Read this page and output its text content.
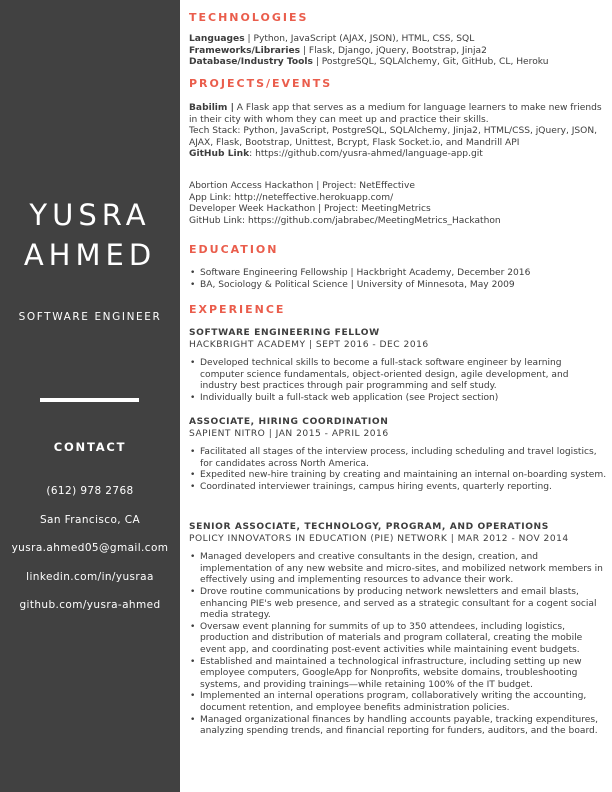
YUSRA
AHMED
SOFTWARE ENGINEER
CONTACT
(612) 978 2768
San Francisco, CA
yusra.ahmed05@gmail.com
linkedin.com/in/yusraa
github.com/yusra-ahmed
TECHNOLOGIES

Languages | Python, JavaScript (AJAX, JSON), HTML, CSS, SQL

Frameworks/Libraries | Flask, Django, jQuery, Bootstrap, Jinja2

Database/Industry Tools | PostgreSQL, SQLAlchemy, Git, GitHub, CL, Heroku

PROJECTS/EVENTS

Babilim | A Flask app that serves as a medium for language learners to make new friends in their city with whom they can meet up and practice their skills.

Tech Stack: Python, JavaScript, PostgreSQL, SQLAlchemy, Jinja2, HTML/CSS, jQuery, JSON, AJAX, Flask, Bootstrap, Unittest, Bcrypt, Flask Socket.io, and Mandrill API

GitHub Link: https://github.com/yusra-ahmed/language-app.git

Abortion Access Hackathon | Project: NetEffective

App Link: http://neteffective.herokuapp.com/

Developer Week Hackathon | Project: MeetingMetrics

GitHub Link: https://github.com/jabrabec/MeetingMetrics_Hackathon

EDUCATION
• Software Engineering Fellowship | Hackbright Academy, December 2016
• BA, Sociology & Political Science | University of Minnesota, May 2009
EXPERIENCE

SOFTWARE ENGINEERING FELLOW

HACKBRIGHT ACADEMY | SEPT 2016 - DEC 2016

• Developed technical skills to become a full-stack software engineer by learning computer science fundamentals, object-oriented design, agile development, and industry best practices through pair programming and self study.
• Individually built a full-stack web application (see Project section)

ASSOCIATE, HIRING COORDINATION

SAPIENT NITRO | JAN 2015 - APRIL 2016

• Facilitated all stages of the interview process, including scheduling and travel logistics, for candidates across North America.
• Expedited new-hire training by creating and maintaining an internal on-boarding system.
• Coordinated interviewer trainings, campus hiring events, quarterly reporting.

SENIOR ASSOCIATE, TECHNOLOGY, PROGRAM, AND OPERATIONS

POLICY INNOVATORS IN EDUCATION (PIE) NETWORK | MAR 2012 - NOV 2014

• Managed developers and creative consultants in the design, creation, and implementation of any new website and micro-sites, and mobilized network members in effectively using and implementing resources to advance their work.
• Drove routine communications by producing network newsletters and email blasts, enhancing PIE's web presence, and served as a strategic consultant for a cogent social media strategy.
• Oversaw event planning for summits of up to 350 attendees, including logistics, production and distribution of materials and program collateral, creating the mobile event app, and coordinating post-event activities while maintaining event budgets.
• Established and maintained a technological infrastructure, including setting up new employee computers, GoogleApp for Nonprofits, website domains, troubleshooting systems, and providing trainings—while retaining 100% of the IT budget.
• Implemented an internal operations program, collaboratively writing the accounting, document retention, and employee benefits administration policies.
• Managed organizational finances by handling accounts payable, tracking expenditures, analyzing spending trends, and financial reporting for funders, auditors, and the board.
